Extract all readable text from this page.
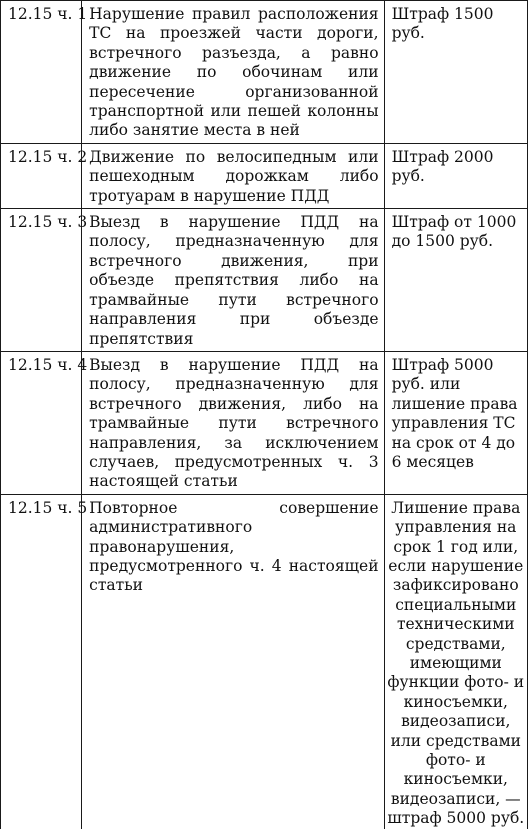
12.15 ч. 1	Нарушение правил расположения ТС на проезжей части дороги, встречного разъезда, а равно движение по обочинам или пересечение организованной транспортной или пешей колонны либо занятие места в ней	Штраф 1500 руб.
12.15 ч. 2	Движение по велосипедным или пешеходным дорожкам либо тротуарам в нарушение ПДД	Штраф 2000 руб.
12.15 ч. 3	Выезд в нарушение ПДД на полосу, предназначенную для встречного движения, при объезде препятствия либо на трамвайные пути встречного направления при объезде препятствия	Штраф от 1000 до 1500 руб.
12.15 ч. 4	Выезд в нарушение ПДД на полосу, предназначенную для встречного движения, либо на трамвайные пути встречного направления, за исключением случаев, предусмотренных ч. 3 настоящей статьи	Штраф 5000 руб. или лишение права управления ТС на срок от 4 до 6 месяцев
12.15 ч. 5	Повторное совершение административного правонарушения, предусмотренного ч. 4 настоящей статьи	Лишение права управления на срок 1 год или, если нарушение зафиксировано специальными техническими средствами, имеющими функции фото- и киносъемки, видеозаписи, или средствами фото- и киносъемки, видеозаписи, — штраф 5000 руб.
